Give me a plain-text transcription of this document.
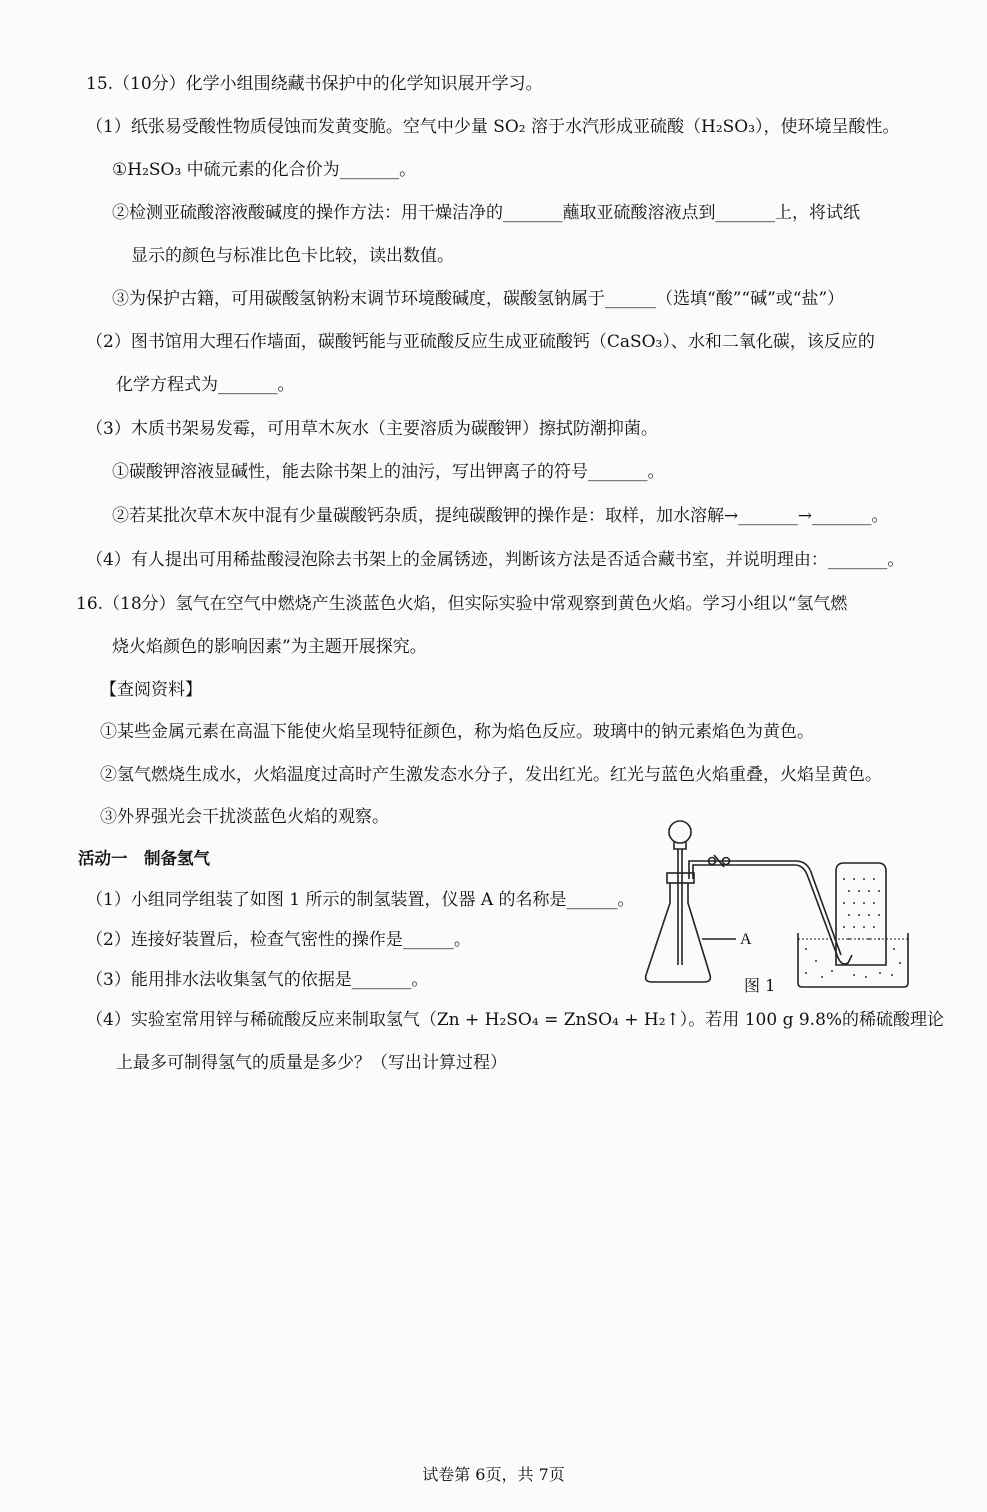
15.（10分）化学小组围绕藏书保护中的化学知识展开学习。
（1）纸张易受酸性物质侵蚀而发黄变脆。空气中少量 SO₂ 溶于水汽形成亚硫酸（H₂SO₃），使环境呈酸性。
①H₂SO₃ 中硫元素的化合价为_______。
②检测亚硫酸溶液酸碱度的操作方法：用干燥洁净的_______蘸取亚硫酸溶液点到_______上，将试纸
显示的颜色与标准比色卡比较，读出数值。
③为保护古籍，可用碳酸氢钠粉末调节环境酸碱度，碳酸氢钠属于______（选填“酸”“碱”或“盐”）
（2）图书馆用大理石作墙面，碳酸钙能与亚硫酸反应生成亚硫酸钙（CaSO₃）、水和二氧化碳，该反应的
化学方程式为_______。
（3）木质书架易发霉，可用草木灰水（主要溶质为碳酸钾）擦拭防潮抑菌。
①碳酸钾溶液显碱性，能去除书架上的油污，写出钾离子的符号_______。
②若某批次草木灰中混有少量碳酸钙杂质，提纯碳酸钾的操作是：取样，加水溶解→_______→_______。
（4）有人提出可用稀盐酸浸泡除去书架上的金属锈迹，判断该方法是否适合藏书室，并说明理由：_______。
16.（18分）氢气在空气中燃烧产生淡蓝色火焰，但实际实验中常观察到黄色火焰。学习小组以“氢气燃
烧火焰颜色的影响因素”为主题开展探究。
【查阅资料】
①某些金属元素在高温下能使火焰呈现特征颜色，称为焰色反应。玻璃中的钠元素焰色为黄色。
②氢气燃烧生成水，火焰温度过高时产生激发态水分子，发出红光。红光与蓝色火焰重叠，火焰呈黄色。
③外界强光会干扰淡蓝色火焰的观察。
活动一　制备氢气
（1）小组同学组装了如图 1 所示的制氢装置，仪器 A 的名称是______。
（2）连接好装置后，检查气密性的操作是______。
（3）能用排水法收集氢气的依据是_______。
（4）实验室常用锌与稀硫酸反应来制取氢气（Zn + H₂SO₄ = ZnSO₄ + H₂↑）。若用 100 g 9.8%的稀硫酸理论
上最多可制得氢气的质量是多少？（写出计算过程）
A
图 1
试卷第 6页，共 7页
